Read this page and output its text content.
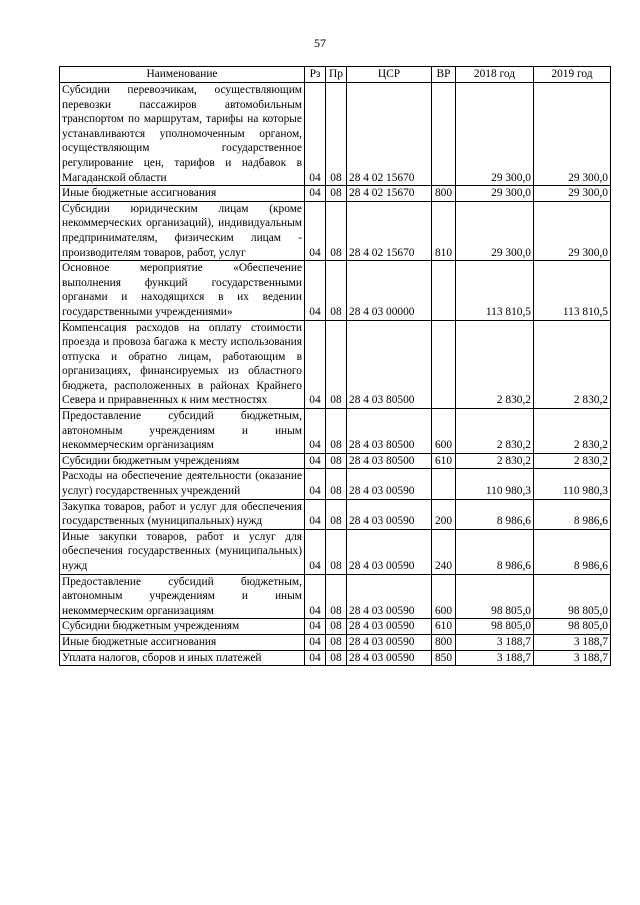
57
Наименование	Рз	Пр	ЦСР	ВР	2018 год	2019 год
Субсидии перевозчикам, осуществляющим перевозки пассажиров автомобильным транспортом по маршрутам, тарифы на которые устанавливаются уполномоченным органом, осуществляющим государственное регулирование цен, тарифов и надбавок в Магаданской области	04	08	28 4 02 15670		29 300,0	29 300,0
Иные бюджетные ассигнования	04	08	28 4 02 15670	800	29 300,0	29 300,0
Субсидии юридическим лицам (кроме некоммерческих организаций), индивидуальным предпринимателям, физическим лицам - производителям товаров, работ, услуг	04	08	28 4 02 15670	810	29 300,0	29 300,0
Основное мероприятие «Обеспечение выполнения функций государственными органами и находящихся в их ведении государственными учреждениями»	04	08	28 4 03 00000		113 810,5	113 810,5
Компенсация расходов на оплату стоимости проезда и провоза багажа к месту использования отпуска и обратно лицам, работающим в организациях, финансируемых из областного бюджета, расположенных в районах Крайнего Севера и приравненных к ним местностях	04	08	28 4 03 80500		2 830,2	2 830,2
Предоставление субсидий бюджетным, автономным учреждениям и иным некоммерческим организациям	04	08	28 4 03 80500	600	2 830,2	2 830,2
Субсидии бюджетным учреждениям	04	08	28 4 03 80500	610	2 830,2	2 830,2
Расходы на обеспечение деятельности (оказание услуг) государственных учреждений	04	08	28 4 03 00590		110 980,3	110 980,3
Закупка товаров, работ и услуг для обеспечения государственных (муниципальных) нужд	04	08	28 4 03 00590	200	8 986,6	8 986,6
Иные закупки товаров, работ и услуг для обеспечения государственных (муниципальных) нужд	04	08	28 4 03 00590	240	8 986,6	8 986,6
Предоставление субсидий бюджетным, автономным учреждениям и иным некоммерческим организациям	04	08	28 4 03 00590	600	98 805,0	98 805,0
Субсидии бюджетным учреждениям	04	08	28 4 03 00590	610	98 805,0	98 805,0
Иные бюджетные ассигнования	04	08	28 4 03 00590	800	3 188,7	3 188,7
Уплата налогов, сборов и иных платежей	04	08	28 4 03 00590	850	3 188,7	3 188,7
